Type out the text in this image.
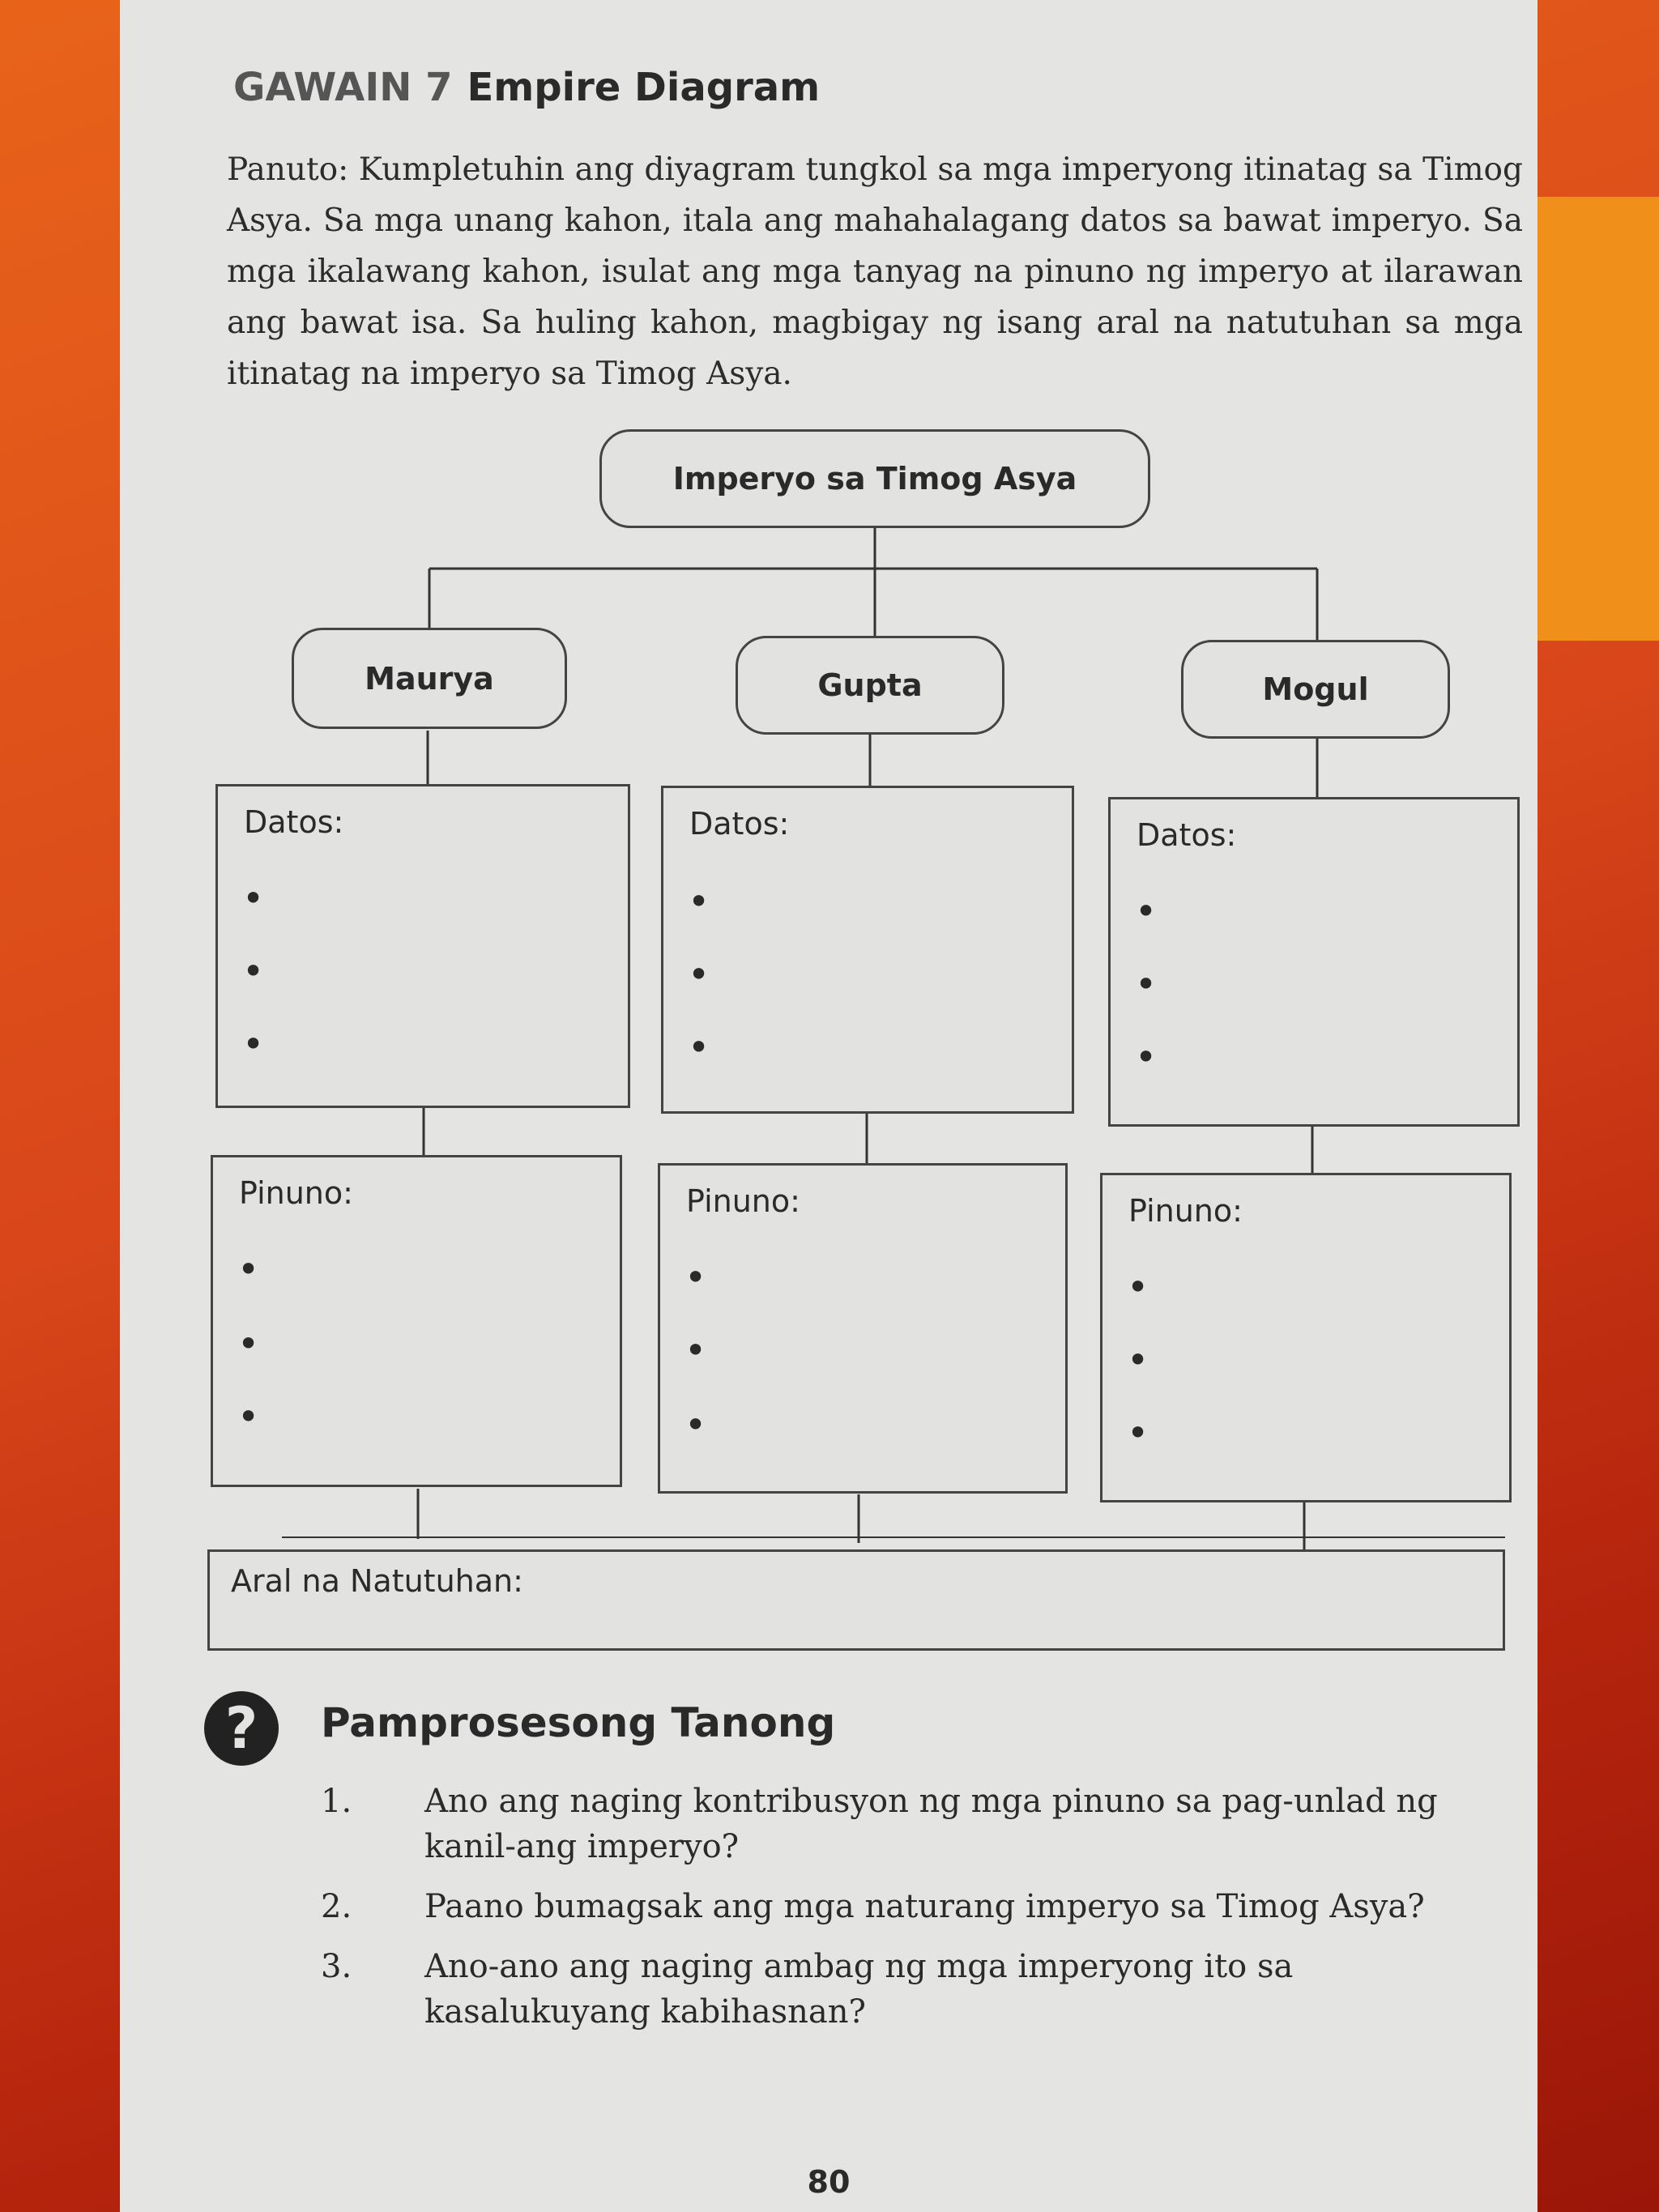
GAWAIN 7 Empire Diagram
Panuto: Kumpletuhin ang diyagram tungkol sa mga imperyong itinatag sa Timog Asya. Sa mga unang kahon, itala ang mahahalagang datos sa bawat imperyo. Sa mga ikalawang kahon, isulat ang mga tanyag na pinuno ng imperyo at ilarawan ang bawat isa. Sa huling kahon, magbigay ng isang aral na natutuhan sa mga itinatag na imperyo sa Timog Asya.
Imperyo sa Timog Asya
Maurya	Gupta	Mogul
Datos:
•
•
•	Datos:
•
•
•	Datos:
•
•
•
Pinuno:
•
•
•	Pinuno:
•
•
•	Pinuno:
•
•
•
Aral na Natutuhan:
?	Pamprosesong Tanong
1. Ano ang naging kontribusyon ng mga pinuno sa pag-unlad ng kanil-ang imperyo?
2. Paano bumagsak ang mga naturang imperyo sa Timog Asya?
3. Ano-ano ang naging ambag ng mga imperyong ito sa kasalukuyang kabihasnan?
80
